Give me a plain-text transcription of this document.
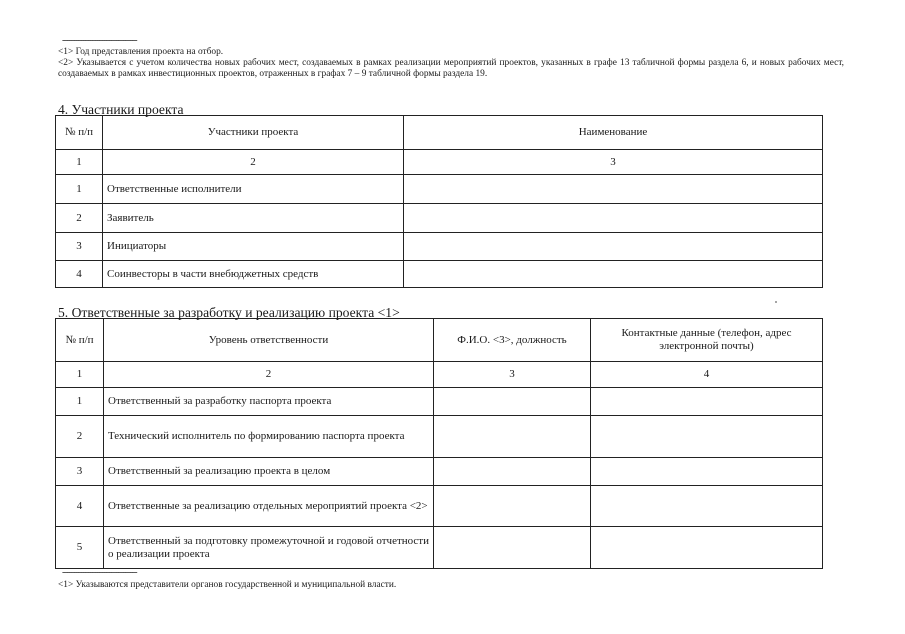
--------------------------------
<1> Год представления проекта на отбор.
<2> Указывается с учетом количества новых рабочих мест, создаваемых в рамках реализации мероприятий проектов, указанных в графе 13 табличной формы раздела 6, и новых рабочих мест, создаваемых в рамках инвестиционных проектов, отраженных в графах 7 – 9 табличной формы раздела 19.
4. Участники проекта
№ п/п	Участники проекта	Наименование
1	2	3
1	Ответственные исполнители	
2	Заявитель	
3	Инициаторы	
4	Соинвесторы в части внебюджетных средств	
5. Ответственные за разработку и реализацию проекта <1>
№ п/п	Уровень ответственности	Ф.И.О. <3>, должность	Контактные данные (телефон, адрес электронной почты)
1	2	3	4
1	Ответственный за разработку паспорта проекта		
2	Технический исполнитель по формированию паспорта проекта		
3	Ответственный за реализацию проекта в целом		
4	Ответственные за реализацию отдельных мероприятий проекта <2>		
5	Ответственный за подготовку промежуточной и годовой отчетности о реализации проекта		
--------------------------------
<1> Указываются представители органов государственной и муниципальной власти.
